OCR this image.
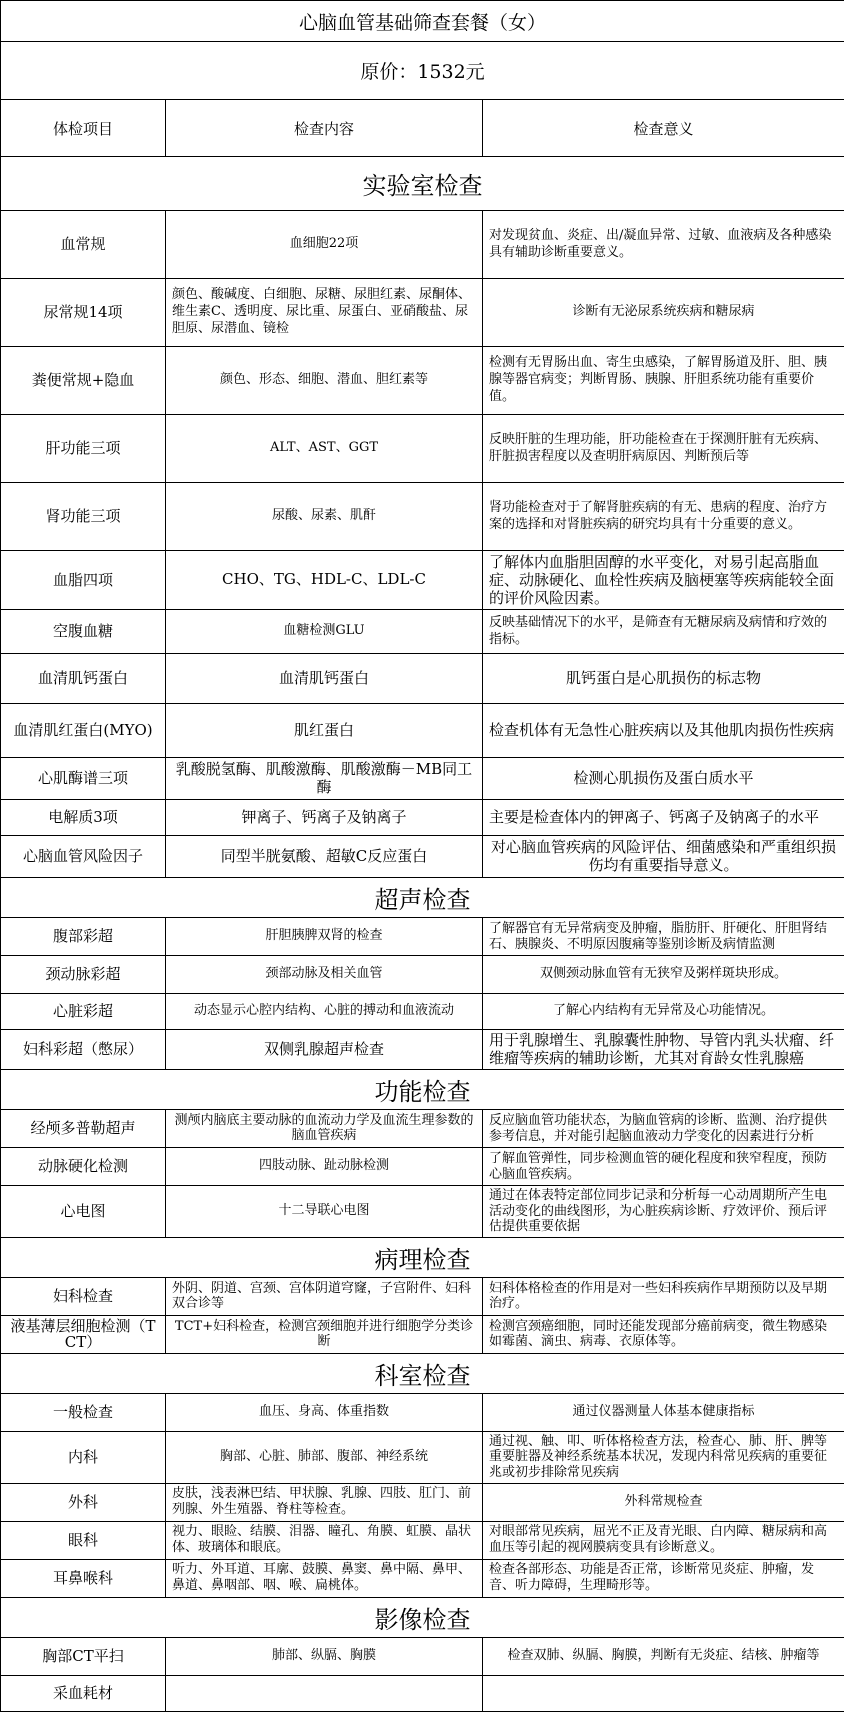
心脑血管基础筛查套餐（女）		
原价：1532元		
体检项目	检查内容	检查意义
实验室检查		
血常规	血细胞22项	对发现贫血、炎症、出/凝血异常、过敏、血液病及各种感染具有辅助诊断重要意义。
尿常规14项	颜色、酸碱度、白细胞、尿糖、尿胆红素、尿酮体、维生素C、透明度、尿比重、尿蛋白、亚硝酸盐、尿胆原、尿潜血、镜检	诊断有无泌尿系统疾病和糖尿病
粪便常规+隐血	颜色、形态、细胞、潜血、胆红素等	检测有无胃肠出血、寄生虫感染，了解胃肠道及肝、胆、胰腺等器官病变；判断胃肠、胰腺、肝胆系统功能有重要价值。
肝功能三项	ALT、AST、GGT	反映肝脏的生理功能，肝功能检查在于探测肝脏有无疾病、肝脏损害程度以及查明肝病原因、判断预后等
肾功能三项	尿酸、尿素、肌酐	肾功能检查对于了解肾脏疾病的有无、患病的程度、治疗方案的选择和对肾脏疾病的研究均具有十分重要的意义。
血脂四项	CHO、TG、HDL-C、LDL-C	了解体内血脂胆固醇的水平变化，对易引起高脂血症、动脉硬化、血栓性疾病及脑梗塞等疾病能较全面的评价风险因素。
空腹血糖	血糖检测GLU	反映基础情况下的水平，是筛查有无糖尿病及病情和疗效的指标。
血清肌钙蛋白	血清肌钙蛋白	肌钙蛋白是心肌损伤的标志物
血清肌红蛋白(MYO)	肌红蛋白	检查机体有无急性心脏疾病以及其他肌肉损伤性疾病
心肌酶谱三项	乳酸脱氢酶、肌酸激酶、肌酸激酶－MB同工酶	检测心肌损伤及蛋白质水平
电解质3项	钾离子、钙离子及钠离子	主要是检查体内的钾离子、钙离子及钠离子的水平
心脑血管风险因子	同型半胱氨酸、超敏C反应蛋白	对心脑血管疾病的风险评估、细菌感染和严重组织损伤均有重要指导意义。
超声检查		
腹部彩超	肝胆胰脾双肾的检查	了解器官有无异常病变及肿瘤，脂肪肝、肝硬化、肝胆肾结石、胰腺炎、不明原因腹痛等鉴别诊断及病情监测
颈动脉彩超	颈部动脉及相关血管	双侧颈动脉血管有无狭窄及粥样斑块形成。
心脏彩超	动态显示心腔内结构、心脏的搏动和血液流动	了解心内结构有无异常及心功能情况。
妇科彩超（憋尿）	双侧乳腺超声检查	用于乳腺增生、乳腺囊性肿物、导管内乳头状瘤、纤维瘤等疾病的辅助诊断，尤其对育龄女性乳腺癌
功能检查		
经颅多普勒超声	测颅内脑底主要动脉的血流动力学及血流生理参数的脑血管疾病	反应脑血管功能状态，为脑血管病的诊断、监测、治疗提供参考信息，并对能引起脑血液动力学变化的因素进行分析
动脉硬化检测	四肢动脉、趾动脉检测	了解血管弹性，同步检测血管的硬化程度和狭窄程度，预防心脑血管疾病。
心电图	十二导联心电图	通过在体表特定部位同步记录和分析每一心动周期所产生电活动变化的曲线图形，为心脏疾病诊断、疗效评价、预后评估提供重要依据
病理检查		
妇科检查	外阴、阴道、宫颈、宫体阴道穹窿，子宫附件、妇科双合诊等	妇科体格检查的作用是对一些妇科疾病作早期预防以及早期治疗。
液基薄层细胞检测（TCT）	TCT+妇科检查，检测宫颈细胞并进行细胞学分类诊断	检测宫颈癌细胞，同时还能发现部分癌前病变，微生物感染如霉菌、滴虫、病毒、衣原体等。
科室检查		
一般检查	血压、身高、体重指数	通过仪器测量人体基本健康指标
内科	胸部、心脏、肺部、腹部、神经系统	通过视、触、叩、听体格检查方法，检查心、肺、肝、脾等重要脏器及神经系统基本状况，发现内科常见疾病的重要征兆或初步排除常见疾病
外科	皮肤，浅表淋巴结、甲状腺、乳腺、四肢、肛门、前列腺、外生殖器、脊柱等检查。	外科常规检查
眼科	视力、眼睑、结膜、泪器、瞳孔、角膜、虹膜、晶状体、玻璃体和眼底。	对眼部常见疾病，屈光不正及青光眼、白内障、糖尿病和高血压等引起的视网膜病变具有诊断意义。
耳鼻喉科	听力、外耳道、耳廓、鼓膜、鼻窦、鼻中隔、鼻甲、鼻道、鼻咽部、咽、喉、扁桃体。	检查各部形态、功能是否正常，诊断常见炎症、肿瘤，发音、听力障碍，生理畸形等。
影像检查		
胸部CT平扫	肺部、纵膈、胸膜	检查双肺、纵膈、胸膜，判断有无炎症、结核、肿瘤等
采血耗材		
